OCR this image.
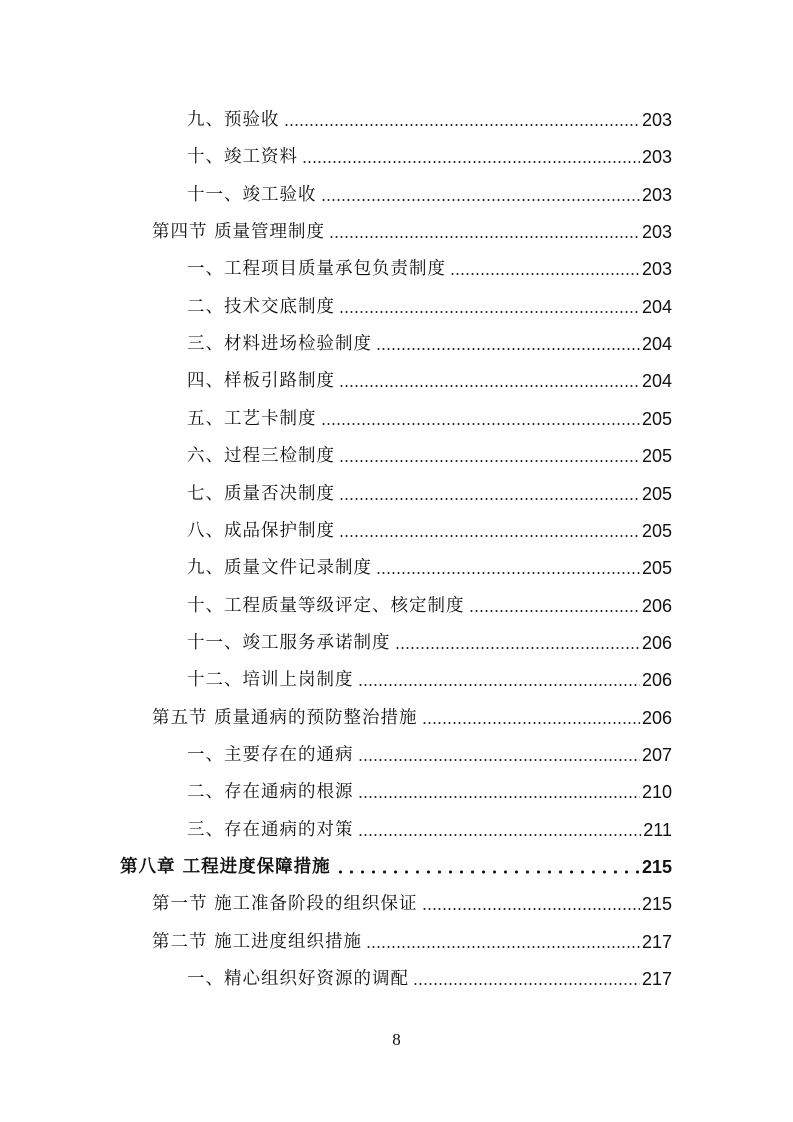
九、预验收	203
十、竣工资料	203
十一、竣工验收	203
第四节 质量管理制度	203
一、工程项目质量承包负责制度	203
二、技术交底制度	204
三、材料进场检验制度	204
四、样板引路制度	204
五、工艺卡制度	205
六、过程三检制度	205
七、质量否决制度	205
八、成品保护制度	205
九、质量文件记录制度	205
十、工程质量等级评定、核定制度	206
十一、竣工服务承诺制度	206
十二、培训上岗制度	206
第五节 质量通病的预防整治措施	206
一、主要存在的通病	207
二、存在通病的根源	210
三、存在通病的对策	211
第八章 工程进度保障措施	215
第一节 施工准备阶段的组织保证	215
第二节 施工进度组织措施	217
一、精心组织好资源的调配	217
8
